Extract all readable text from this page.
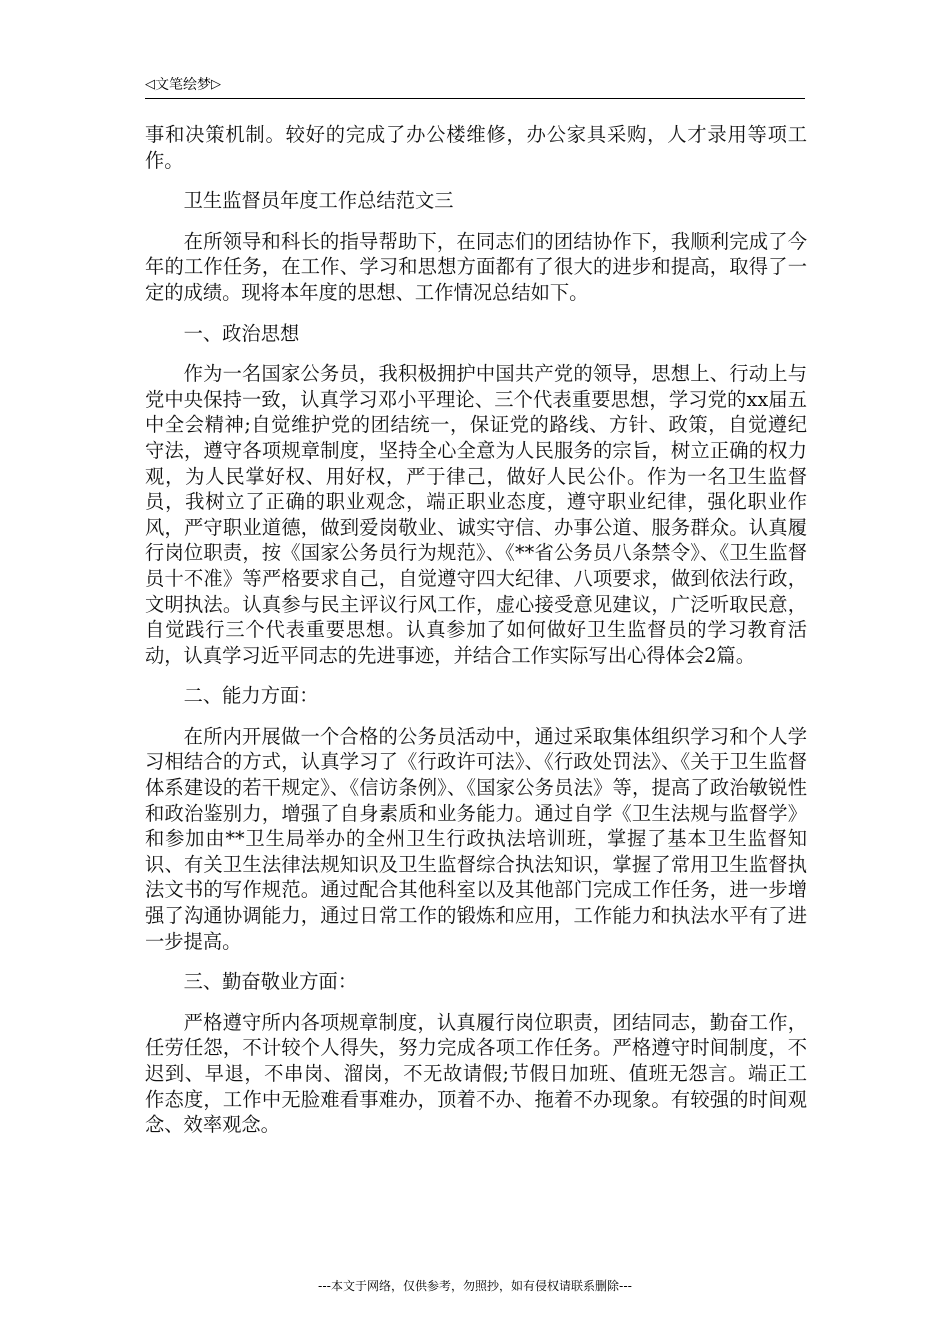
◁ 文笔绘梦 ▷

事和决策机制。较好的完成了办公楼维修，办公家具采购，人才录用等项工作。

卫生监督员年度工作总结范文三

在所领导和科长的指导帮助下，在同志们的团结协作下，我顺利完成了今年的工作任务，在工作、学习和思想方面都有了很大的进步和提高，取得了一定的成绩。现将本年度的思想、工作情况总结如下。

一、政治思想

作为一名国家公务员，我积极拥护中国共产党的领导，思想上、行动上与党中央保持一致，认真学习邓小平理论、三个代表重要思想，学习党的xx届五中全会精神;自觉维护党的团结统一，保证党的路线、方针、政策，自觉遵纪守法，遵守各项规章制度，坚持全心全意为人民服务的宗旨，树立正确的权力观，为人民掌好权、用好权，严于律己，做好人民公仆。作为一名卫生监督员，我树立了正确的职业观念，端正职业态度，遵守职业纪律，强化职业作风，严守职业道德，做到爱岗敬业、诚实守信、办事公道、服务群众。认真履行岗位职责，按《国家公务员行为规范》、《**省公务员八条禁令》、《卫生监督员十不准》等严格要求自己，自觉遵守四大纪律、八项要求，做到依法行政，文明执法。认真参与民主评议行风工作，虚心接受意见建议，广泛听取民意，自觉践行三个代表重要思想。认真参加了如何做好卫生监督员的学习教育活动，认真学习近平同志的先进事迹，并结合工作实际写出心得体会2篇。

二、能力方面：

在所内开展做一个合格的公务员活动中，通过采取集体组织学习和个人学习相结合的方式，认真学习了《行政许可法》、《行政处罚法》、《关于卫生监督体系建设的若干规定》、《信访条例》、《国家公务员法》等，提高了政治敏锐性和政治鉴别力，增强了自身素质和业务能力。通过自学《卫生法规与监督学》和参加由**卫生局举办的全州卫生行政执法培训班，掌握了基本卫生监督知识、有关卫生法律法规知识及卫生监督综合执法知识，掌握了常用卫生监督执法文书的写作规范。通过配合其他科室以及其他部门完成工作任务，进一步增强了沟通协调能力，通过日常工作的锻炼和应用，工作能力和执法水平有了进一步提高。

三、勤奋敬业方面：

严格遵守所内各项规章制度，认真履行岗位职责，团结同志，勤奋工作，任劳任怨，不计较个人得失，努力完成各项工作任务。严格遵守时间制度，不迟到、早退，不串岗、溜岗，不无故请假;节假日加班、值班无怨言。端正工作态度，工作中无脸难看事难办，顶着不办、拖着不办现象。有较强的时间观念、效率观念。

---本文于网络，仅供参考，勿照抄，如有侵权请联系删除---
